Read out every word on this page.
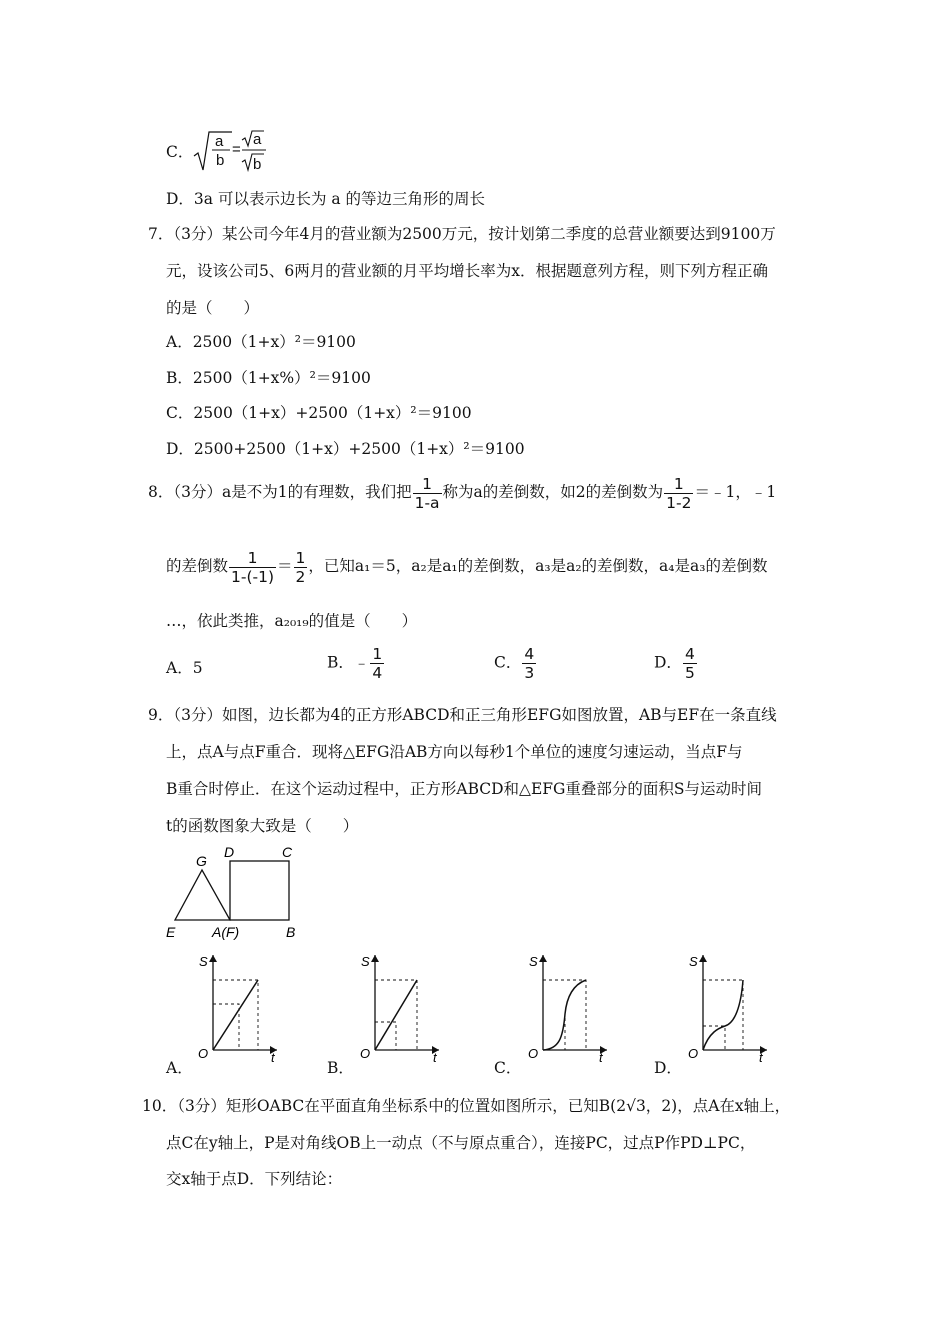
C．
a
b
=
a
b
D．3a 可以表示边长为 a 的等边三角形的周长
7．（3分）某公司今年4月的营业额为2500万元，按计划第二季度的总营业额要达到9100万
元，设该公司5、6两月的营业额的月平均增长率为x．根据题意列方程，则下列方程正确
的是（　　）
A．2500（1+x）²＝9100
B．2500（1+x%）²＝9100
C．2500（1+x）+2500（1+x）²＝9100
D．2500+2500（1+x）+2500（1+x）²＝9100
8．（3分）a是不为1的有理数，我们把 $\frac{1}{1-a}$ 称为a的差倒数，如2的差倒数为 $\frac{1}{1-2}$ ＝﹣1，﹣1
的差倒数 $\frac{1}{1-(-1)} = \frac{1}{2}$ ，已知a₁＝5，a₂是a₁的差倒数，a₃是a₂的差倒数，a₄是a₃的差倒数
…，依此类推，a₂₀₁₉的值是（　　）
A．5	B．﹣ $\frac{1}{4}$	C． $\frac{4}{3}$	D． $\frac{4}{5}$
9．（3分）如图，边长都为4的正方形ABCD和正三角形EFG如图放置，AB与EF在一条直线
上，点A与点F重合．现将△EFG沿AB方向以每秒1个单位的速度匀速运动，当点F与
B重合时停止．在这个运动过程中，正方形ABCD和△EFG重叠部分的面积S与运动时间
t的函数图象大致是（　　）
G
D	C
E	A(F)	B
A．
S
t
O
B．
S
t
O
C．
S
t
O
D．
S
t
O
10．（3分）矩形OABC在平面直角坐标系中的位置如图所示，已知B(2√3，2)，点A在x轴上，
点C在y轴上，P是对角线OB上一动点（不与原点重合），连接PC，过点P作PD⊥PC，
交x轴于点D．下列结论：
